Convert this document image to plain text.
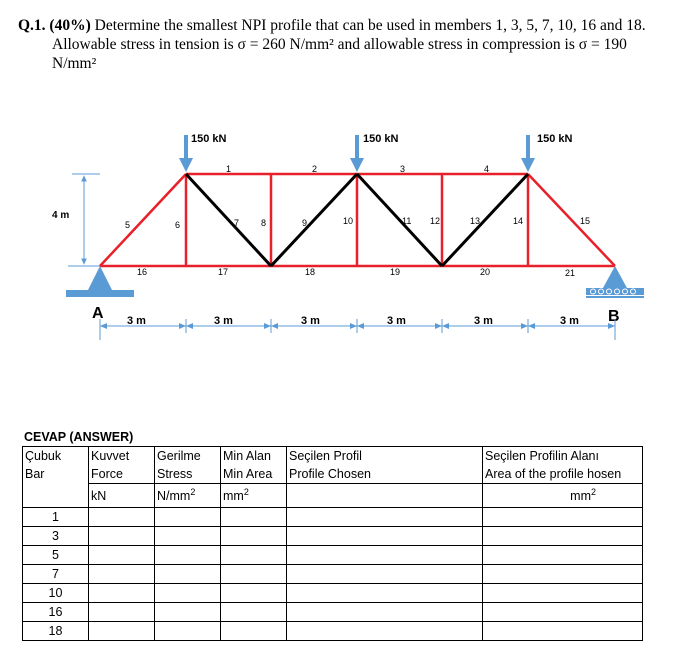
Q.1. (40%) Determine the smallest NPI profile that can be used in members 1, 3, 5, 7, 10, 16 and 18.
Allowable stress in tension is σ = 260 N/mm² and allowable stress in compression is σ = 190
N/mm²
150 kN	150 kN	150 kN
4 m
A	B
3 m	3 m	3 m	3 m	3 m	3 m
1	2	3	4
5	6	7 8	9	10	11 12	13	14	15
16	17	18	19	20	21
CEVAP (ANSWER)
Çubuk	Kuvvet	Gerilme	Min Alan	Seçilen Profil	Seçilen Profilin Alanı
Bar	Force	Stress	Min Area	Profile Chosen	Area of the profile hosen
	kN	$N/mm^2$	$mm^2$		$mm^2$
1					
3					
5					
7					
10					
16					
18					
